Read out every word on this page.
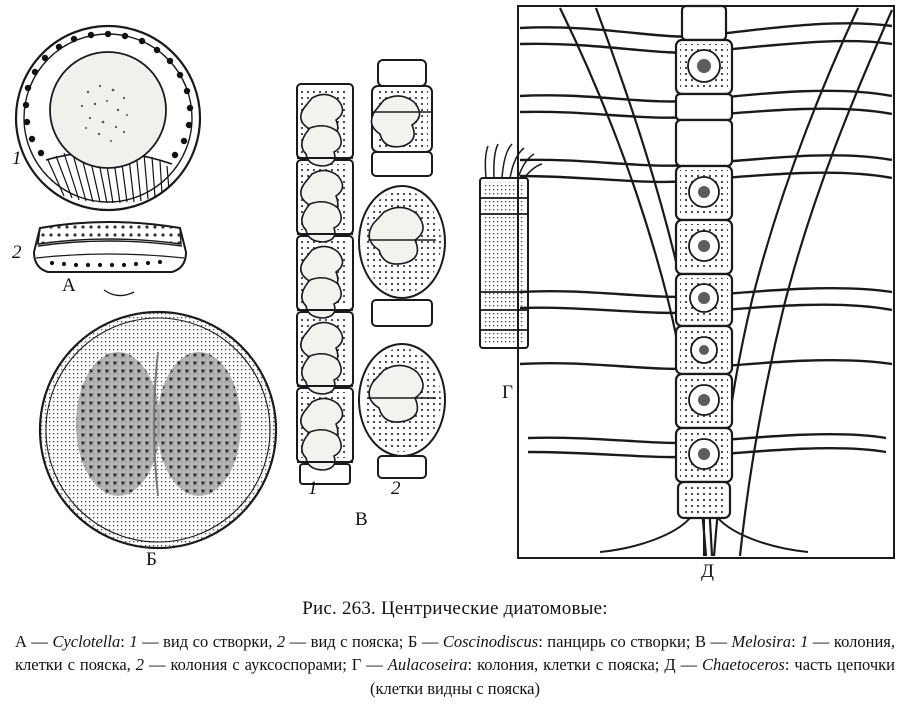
1
2
А
Б
1	2
В
Г
Д
Рис. 263. Центрические диатомовые:
А — Cyclotella: 1 — вид со створки, 2 — вид с пояска; Б — Coscinodiscus: панцирь со створки; В — Melosira: 1 — колония, клетки с пояска, 2 — колония с ауксоспорами; Г — Aulacoseira: колония, клетки с пояска; Д — Chaetoceros: часть цепочки (клетки видны с пояска)
